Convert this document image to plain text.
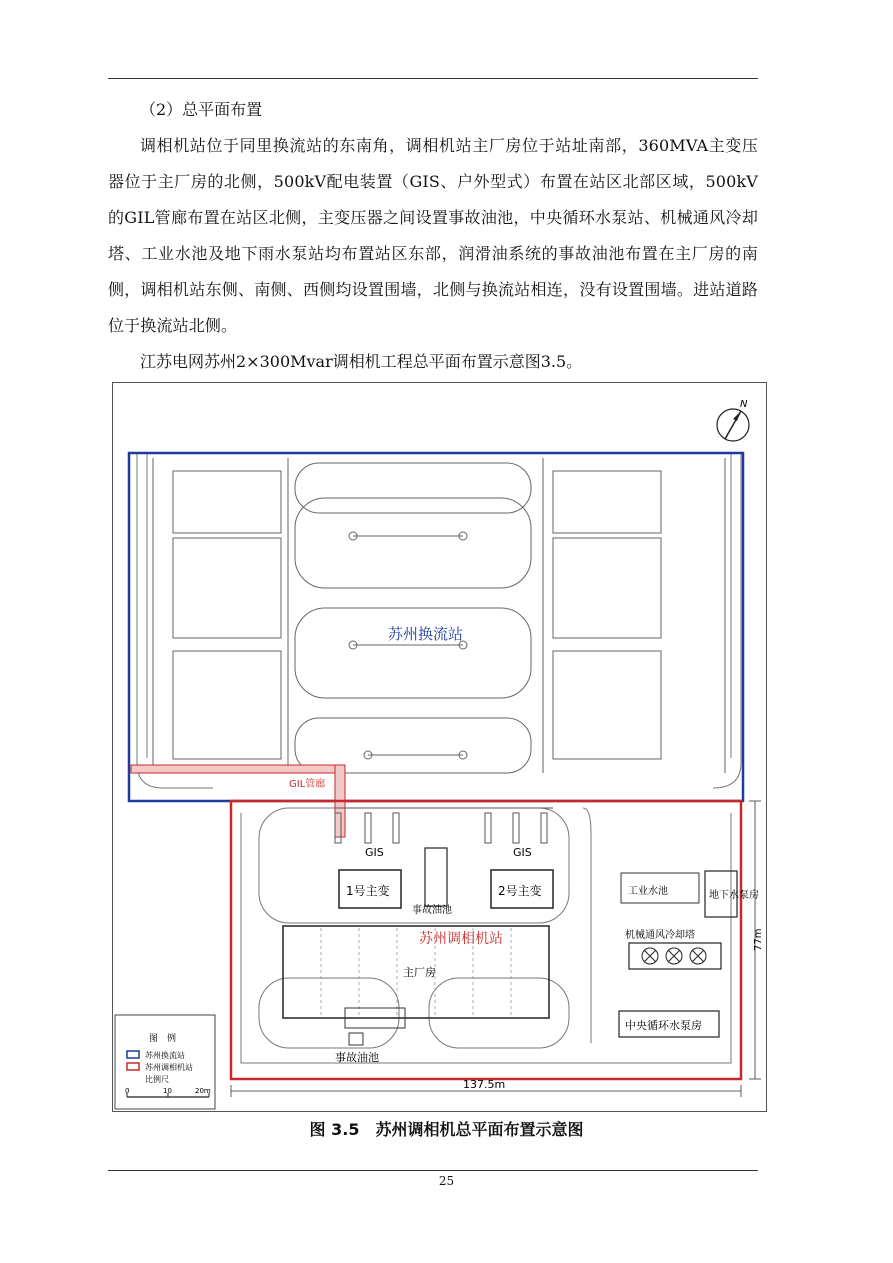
（2）总平面布置

调相机站位于同里换流站的东南角，调相机站主厂房位于站址南部，360MVA主变压器位于主厂房的北侧，500kV配电装置（GIS、户外型式）布置在站区北部区域，500kV的GIL管廊布置在站区北侧，主变压器之间设置事故油池，中央循环水泵站、机械通风冷却塔、工业水池及地下雨水泵站均布置站区东部，润滑油系统的事故油池布置在主厂房的南侧，调相机站东侧、南侧、西侧均设置围墙，北侧与换流站相连，没有设置围墙。进站道路位于换流站北侧。

江苏电网苏州2×300Mvar调相机工程总平面布置示意图3.5。

GIL管廊
苏州换流站
GIS	GIS
1号主变	2号主变
事故油池
苏州调相机站
主厂房
事故油池
工业水池
机械通风冷却塔
中央循环水泵房
地下水泵房
137.5m
77m
N
图　例
苏州换流站
苏州调相机站
比例尺
0	10	20m
图 3.5　苏州调相机总平面布置示意图
25
